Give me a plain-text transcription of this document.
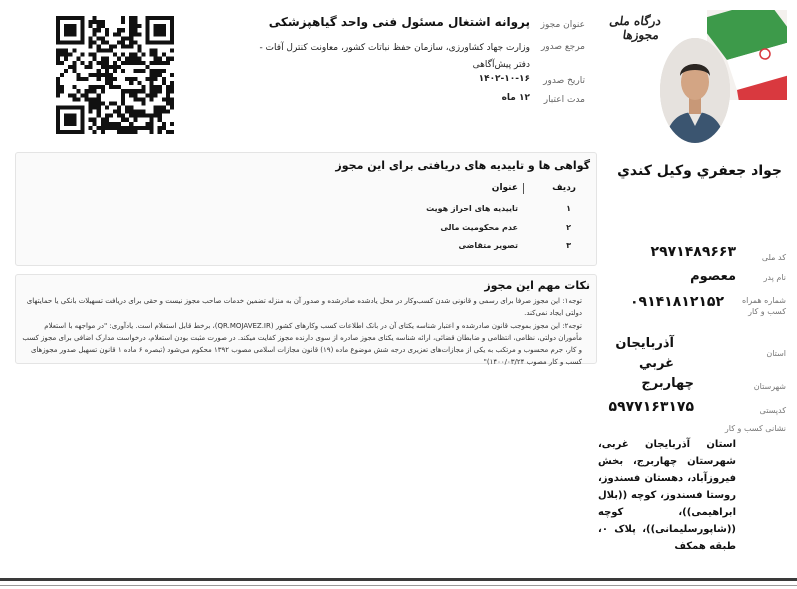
درگاه ملی مجوزها
جواد جعفري وكيل كندي
کد ملی
۲۹۷۱۴۸۹۶۶۳
نام پدر
معصوم
شماره همراه کسب و کار
۰۹۱۴۱۸۱۲۱۵۲
استان
آذربايجان غربي
شهرستان
چهاربرج
کدپستی
۵۹۷۷۱۶۳۱۷۵
نشانی کسب و کار
استان آذربایجان غربی، شهرستان چهاربرج، بخش فيروزآباد، دهستان فسندوز، روستا فسندوز، کوچه ((بلال ابراهیمی))، کوچه ((شاپورسلیمانی))، پلاک ۰، طبقه همکف
عنوان مجوز
پروانه اشتغال مسئول فنی واحد گیاهپزشکی
مرجع صدور
وزارت جهاد کشاورزی، سازمان حفظ نباتات کشور، معاونت کنترل آفات - دفتر پیش‌آگاهی
تاریخ صدور
۱۴۰۲-۱۰-۱۶
مدت اعتبار
۱۲ ماه
گواهی ها و تاییدیه های دریافتی برای این مجوز
ردیف
عنوان
۱
تاییدیه های احراز هویت
۲
عدم محکومیت مالی
۳
تصویر متقاضی
نکات مهم این مجوز
توجه۱: این مجوز صرفا برای رسمی و قانونی شدن کسب‌‌وکار در محل یادشده صادرشده و صدور آن به منزله تضمین خدمات صاحب مجوز نیست و حقی برای دریافت تسهیلات بانکی یا حمایتهای دولتی ایجاد نمی‌کند.
توجه۲: این مجوز بموجب قانون صادرشده و اعتبار شناسه یکتای آن در بانک اطلاعات کسب وکارهای کشور (QR.MOJAVEZ.IR)، برخط قابل استعلام است. یادآوری: "در مواجهه با استعلام مأموران دولتی، نظامی، انتظامی و ضابطان قضائی، ارائه شناسه یکتای مجوز صادره از سوی دارنده مجوز کفایت میکند. در صورت مثبت بودن استعلام، درخواست مدارک اضافی برای مجوز کسب و کار، جرم محسوب و مرتکب به یکی از مجازات‌‌های تعزیری درجه شش موضوع ماده (۱۹) قانون مجازات اسلامی مصوب ۱۳۹۲ محکوم می‌شود (تبصره ۶ ماده ۱ قانون تسهیل صدور مجوزهای کسب و کار مصوب ۱۴۰۰/۰۳/۲۴)"
